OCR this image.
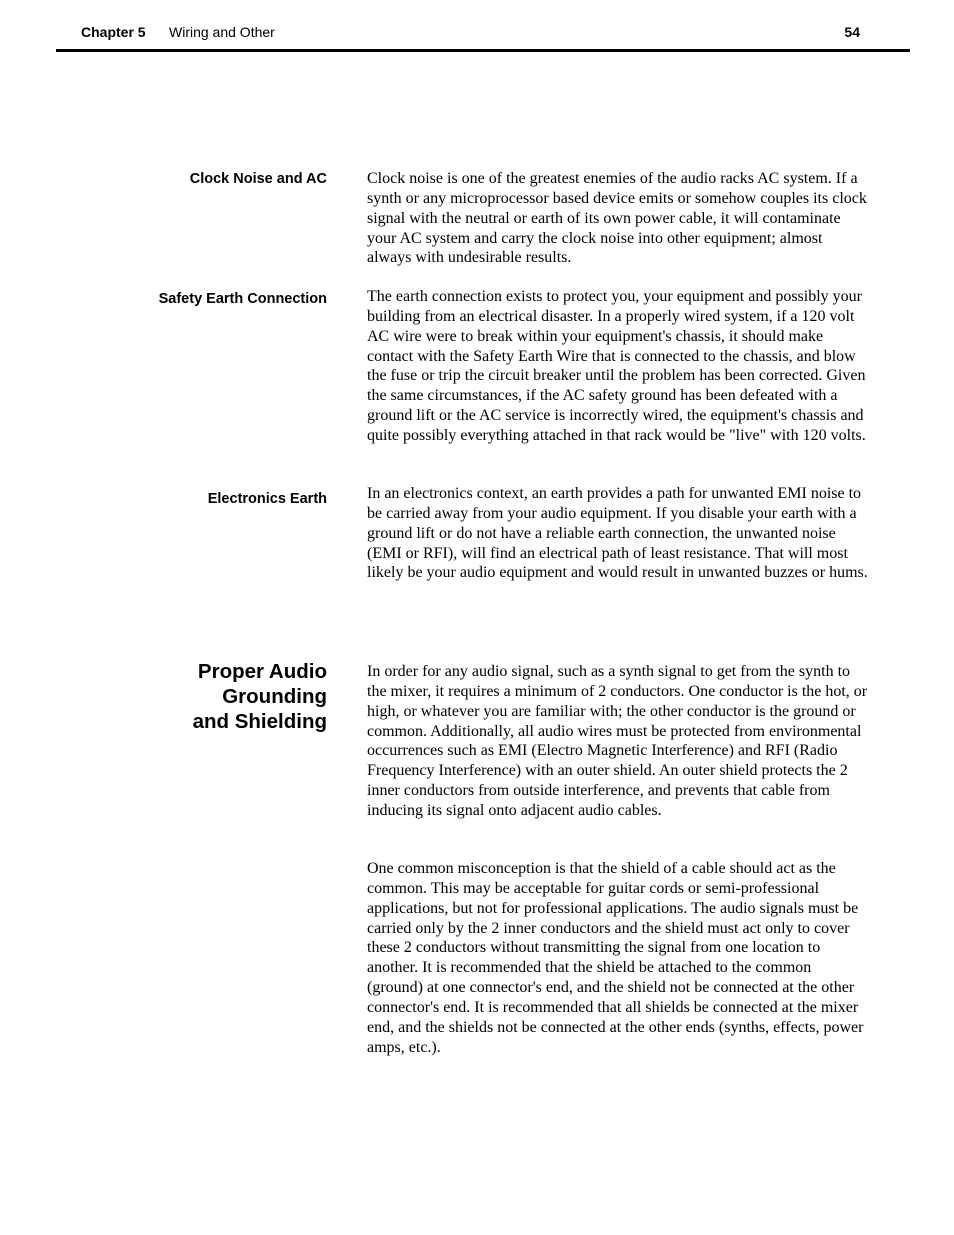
Chapter 5 Wiring and Other	54
Clock Noise and AC	Clock noise is one of the greatest enemies of the audio racks AC system. If a synth or any microprocessor based device emits or somehow couples its clock signal with the neutral or earth of its own power cable, it will contaminate your AC system and carry the clock noise into other equipment; almost always with undesirable results.

Safety Earth Connection	The earth connection exists to protect you, your equipment and possibly your building from an electrical disaster. In a properly wired system, if a 120 volt AC wire were to break within your equipment's chassis, it should make contact with the Safety Earth Wire that is connected to the chassis, and blow the fuse or trip the circuit breaker until the problem has been corrected. Given the same circumstances, if the AC safety ground has been defeated with a ground lift or the AC service is incorrectly wired, the equipment's chassis and quite possibly everything attached in that rack would be "live" with 120 volts.

Electronics Earth	In an electronics context, an earth provides a path for unwanted EMI noise to be carried away from your audio equipment. If you disable your earth with a ground lift or do not have a reliable earth connection, the unwanted noise (EMI or RFI), will find an electrical path of least resistance. That will most likely be your audio equipment and would result in unwanted buzzes or hums.

Proper Audio
Grounding
and Shielding

In order for any audio signal, such as a synth signal to get from the synth to the mixer, it requires a minimum of 2 conductors. One conductor is the hot, or high, or whatever you are familiar with; the other conductor is the ground or common. Additionally, all audio wires must be protected from environmental occurrences such as EMI (Electro Magnetic Interference) and RFI (Radio Frequency Interference) with an outer shield. An outer shield protects the 2 inner conductors from outside interference, and prevents that cable from inducing its signal onto adjacent audio cables.

One common misconception is that the shield of a cable should act as the common. This may be acceptable for guitar cords or semi-professional applications, but not for professional applications. The audio signals must be carried only by the 2 inner conductors and the shield must act only to cover these 2 conductors without transmitting the signal from one location to another. It is recommended that the shield be attached to the common (ground) at one connector's end, and the shield not be connected at the other connector's end. It is recommended that all shields be connected at the mixer end, and the shields not be connected at the other ends (synths, effects, power amps, etc.).
